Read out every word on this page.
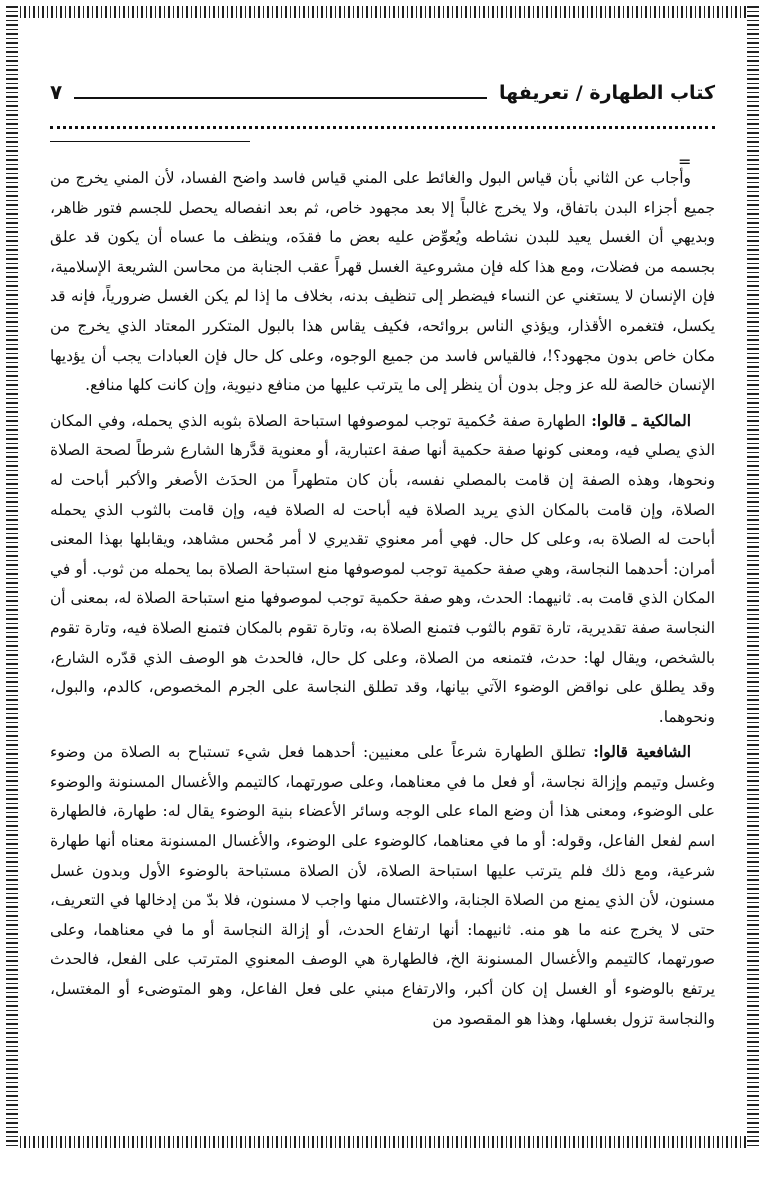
=
كتاب الطهارة / تعريفها
٧

وأجاب عن الثاني بأن قياس البول والغائط على المني قياس فاسد واضح الفساد، لأن المني يخرج من جميع أجزاء البدن باتفاق، ولا يخرج غالباً إلا بعد مجهود خاص، ثم بعد انفصاله يحصل للجسم فتور ظاهر، وبديهي أن الغسل يعيد للبدن نشاطه ويُعوِّض عليه بعض ما فقدَه، وينظف ما عساه أن يكون قد علق بجسمه من فضلات، ومع هذا كله فإن مشروعية الغسل قهراً عقب الجنابة من محاسن الشريعة الإسلامية، فإن الإنسان لا يستغني عن النساء فيضطر إلى تنظيف بدنه، بخلاف ما إذا لم يكن الغسل ضرورياً، فإنه قد يكسل، فتغمره الأقذار، ويؤذي الناس بروائحه، فكيف يقاس هذا بالبول المتكرر المعتاد الذي يخرج من مكان خاص بدون مجهود؟!، فالقياس فاسد من جميع الوجوه، وعلى كل حال فإن العبادات يجب أن يؤديها الإنسان خالصة لله عز وجل بدون أن ينظر إلى ما يترتب عليها من منافع دنيوية، وإن كانت كلها منافع.

المالكية ـ قالوا: الطهارة صفة حُكمية توجب لموصوفها استباحة الصلاة بثوبه الذي يحمله، وفي المكان الذي يصلي فيه، ومعنى كونها صفة حكمية أنها صفة اعتبارية، أو معنوية قدَّرها الشارع شرطاً لصحة الصلاة ونحوها، وهذه الصفة إن قامت بالمصلي نفسه، بأن كان متطهراً من الحدَث الأصغر والأكبر أباحت له الصلاة، وإن قامت بالمكان الذي يريد الصلاة فيه أباحت له الصلاة فيه، وإن قامت بالثوب الذي يحمله أباحت له الصلاة به، وعلى كل حال. فهي أمر معنوي تقديري لا أمر مُحس مشاهد، ويقابلها بهذا المعنى أمران: أحدهما النجاسة، وهي صفة حكمية توجب لموصوفها منع استباحة الصلاة بما يحمله من ثوب. أو في المكان الذي قامت به. ثانيهما: الحدث، وهو صفة حكمية توجب لموصوفها منع استباحة الصلاة له، بمعنى أن النجاسة صفة تقديرية، تارة تقوم بالثوب فتمنع الصلاة به، وتارة تقوم بالمكان فتمنع الصلاة فيه، وتارة تقوم بالشخص، ويقال لها: حدث، فتمنعه من الصلاة، وعلى كل حال، فالحدث هو الوصف الذي قدّره الشارع، وقد يطلق على نواقض الوضوء الآتي بيانها، وقد تطلق النجاسة على الجرم المخصوص، كالدم، والبول، ونحوهما.

الشافعية قالوا: تطلق الطهارة شرعاً على معنيين: أحدهما فعل شيء تستباح به الصلاة من وضوء وغسل وتيمم وإزالة نجاسة، أو فعل ما في معناهما، وعلى صورتهما، كالتيمم والأغسال المسنونة والوضوء على الوضوء، ومعنى هذا أن وضع الماء على الوجه وسائر الأعضاء بنية الوضوء يقال له: طهارة، فالطهارة اسم لفعل الفاعل، وقوله: أو ما في معناهما، كالوضوء على الوضوء، والأغسال المسنونة معناه أنها طهارة شرعية، ومع ذلك فلم يترتب عليها استباحة الصلاة، لأن الصلاة مستباحة بالوضوء الأول وبدون غسل مسنون، لأن الذي يمنع من الصلاة الجنابة، والاغتسال منها واجب لا مسنون، فلا بدّ من إدخالها في التعريف، حتى لا يخرج عنه ما هو منه. ثانيهما: أنها ارتفاع الحدث، أو إزالة النجاسة أو ما في معناهما، وعلى صورتهما، كالتيمم والأغسال المسنونة الخ، فالطهارة هي الوصف المعنوي المترتب على الفعل، فالحدث يرتفع بالوضوء أو الغسل إن كان أكبر، والارتفاع مبني على فعل الفاعل، وهو المتوضىء أو المغتسل، والنجاسة تزول بغسلها، وهذا هو المقصود من
